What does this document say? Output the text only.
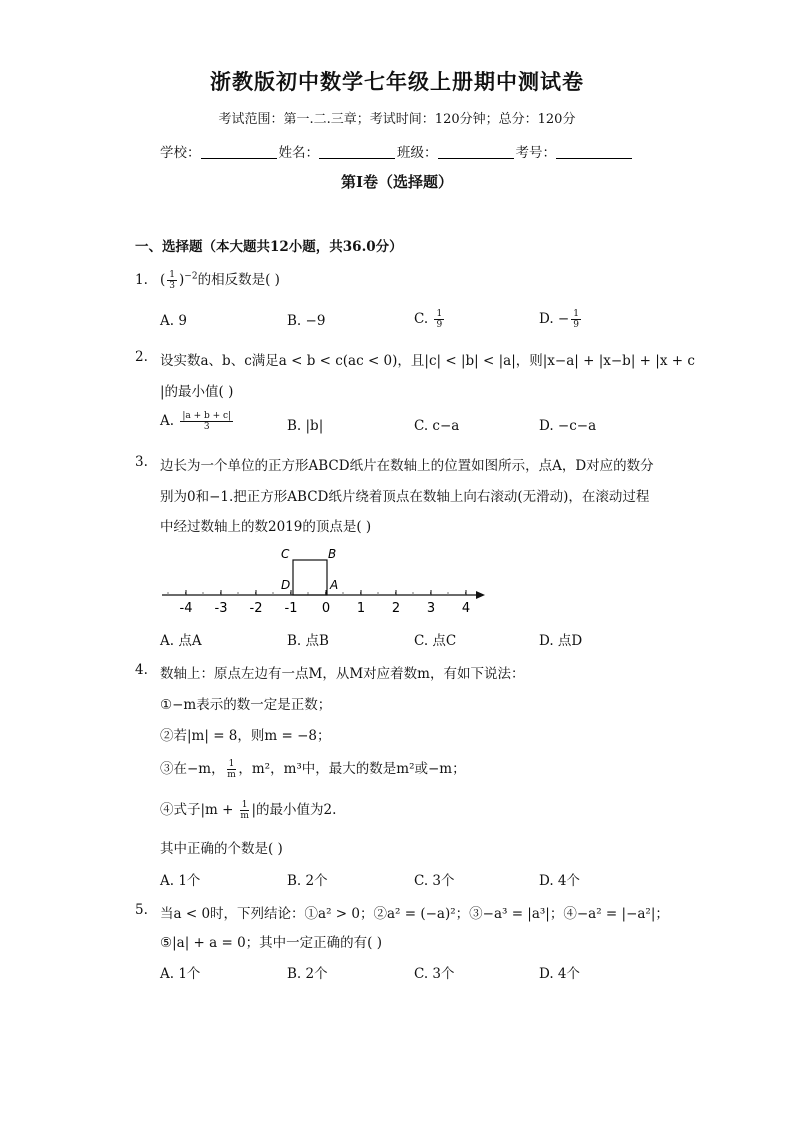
浙教版初中数学七年级上册期中测试卷
考试范围：第一.二.三章；考试时间：120分钟；总分：120分
学校：	姓名：	班级：	考号：
第Ⅰ卷（选择题）
一、选择题（本大题共12小题，共36.0分）
1. ( $\frac{1}{3} )^{-2}$的相反数是( )
A. 9	B. −9	C. $\frac{1}{9}$	D. − $\frac{1}{9}$
2. 设实数a、b、c满足a < b < c(ac < 0)，且|c| < |b| < |a|，则|x−a| + |x−b| + |x + c
|的最小值( )
A. $\frac{|a + b + c|}{3}$	B. |b|	C. c−a	D. −c−a
3. 边长为一个单位的正方形ABCD纸片在数轴上的位置如图所示，点A，D对应的数分
别为0和−1.把正方形ABCD纸片绕着顶点在数轴上向右滚动(无滑动)，在滚动过程
中经过数轴上的数2019的顶点是( )
-4 -3 -2 -1 0 1 2 3 4
C	B
D	A
A. 点A	B. 点B	C. 点C	D. 点D
4. 数轴上：原点左边有一点M，从M对应着数m，有如下说法：
①−m表示的数一定是正数；
②若|m| = 8，则m = −8；
③在−m， $\frac{1}{m}$ ，m²，m³中，最大的数是m²或−m；
④式子$|m + \frac{1}{m}$ |的最小值为2.
其中正确的个数是( )
A. 1个	B. 2个	C. 3个	D. 4个
5. 当a < 0时，下列结论：①a² > 0；②a² = (−a)²；③−a³ = |a³|；④−a² = |−a²|；
⑤|a| + a = 0；其中一定正确的有( )
A. 1个	B. 2个	C. 3个	D. 4个
